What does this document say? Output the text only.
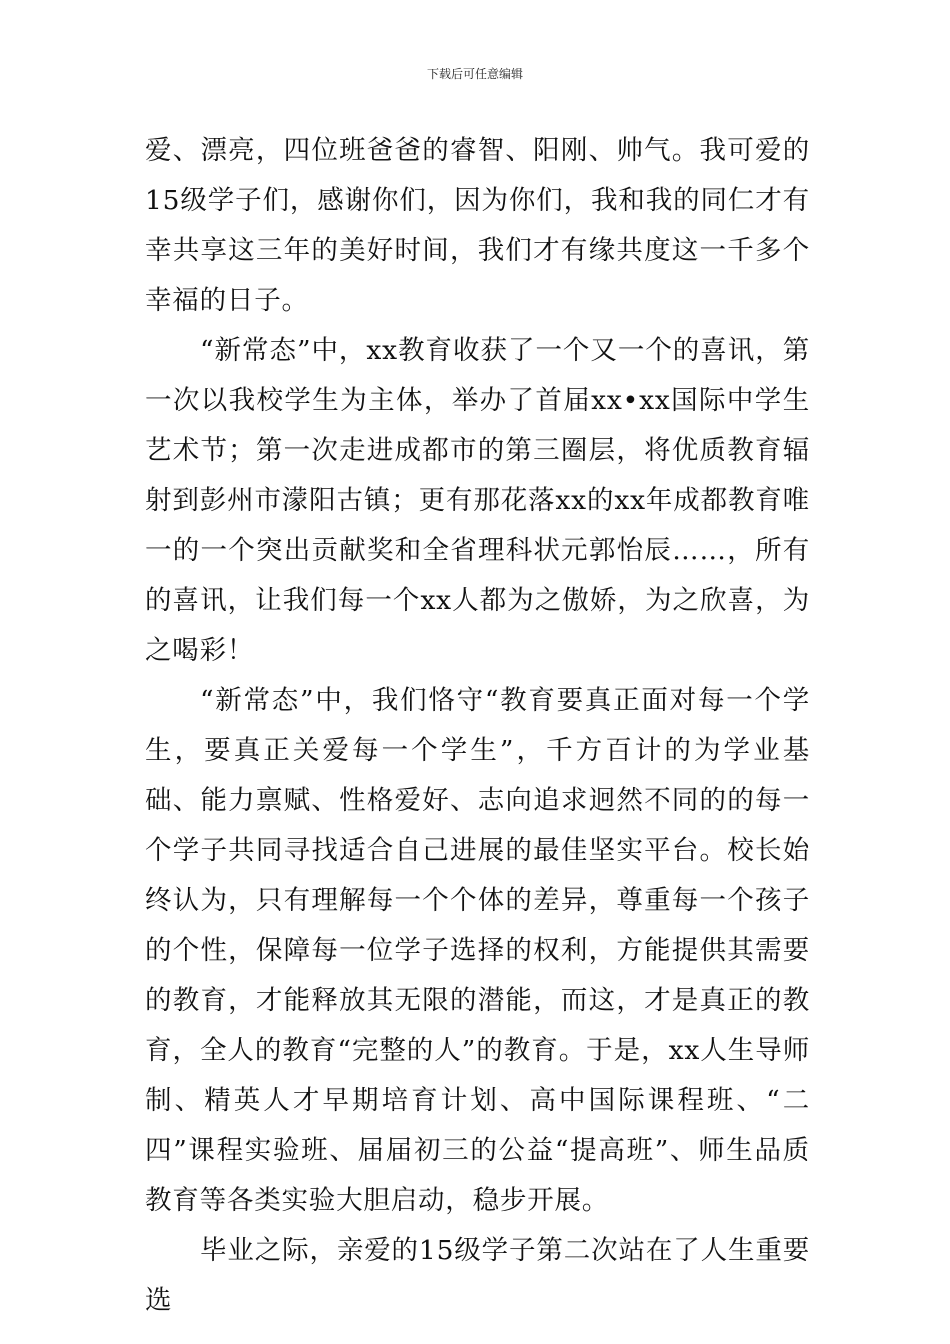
下载后可任意编辑

爱、漂亮，四位班爸爸的睿智、阳刚、帅气。我可爱的15级学子们，感谢你们，因为你们，我和我的同仁才有幸共享这三年的美好时间，我们才有缘共度这一千多个幸福的日子。

“新常态”中，xx教育收获了一个又一个的喜讯，第一次以我校学生为主体，举办了首届xx•xx国际中学生艺术节；第一次走进成都市的第三圈层，将优质教育辐射到彭州市濛阳古镇；更有那花落xx的xx年成都教育唯一的一个突出贡献奖和全省理科状元郭怡辰……，所有的喜讯，让我们每一个xx人都为之傲娇，为之欣喜，为之喝彩！

“新常态”中，我们恪守“教育要真正面对每一个学生，要真正关爱每一个学生”，千方百计的为学业基础、能力禀赋、性格爱好、志向追求迥然不同的的每一个学子共同寻找适合自己进展的最佳坚实平台。校长始终认为，只有理解每一个个体的差异，尊重每一个孩子的个性，保障每一位学子选择的权利，方能提供其需要的教育，才能释放其无限的潜能，而这，才是真正的教育，全人的教育“完整的人”的教育。于是，xx人生导师制、精英人才早期培育计划、高中国际课程班、“二四”课程实验班、届届初三的公益“提高班”、师生品质教育等各类实验大胆启动，稳步开展。

毕业之际，亲爱的15级学子第二次站在了人生重要选
